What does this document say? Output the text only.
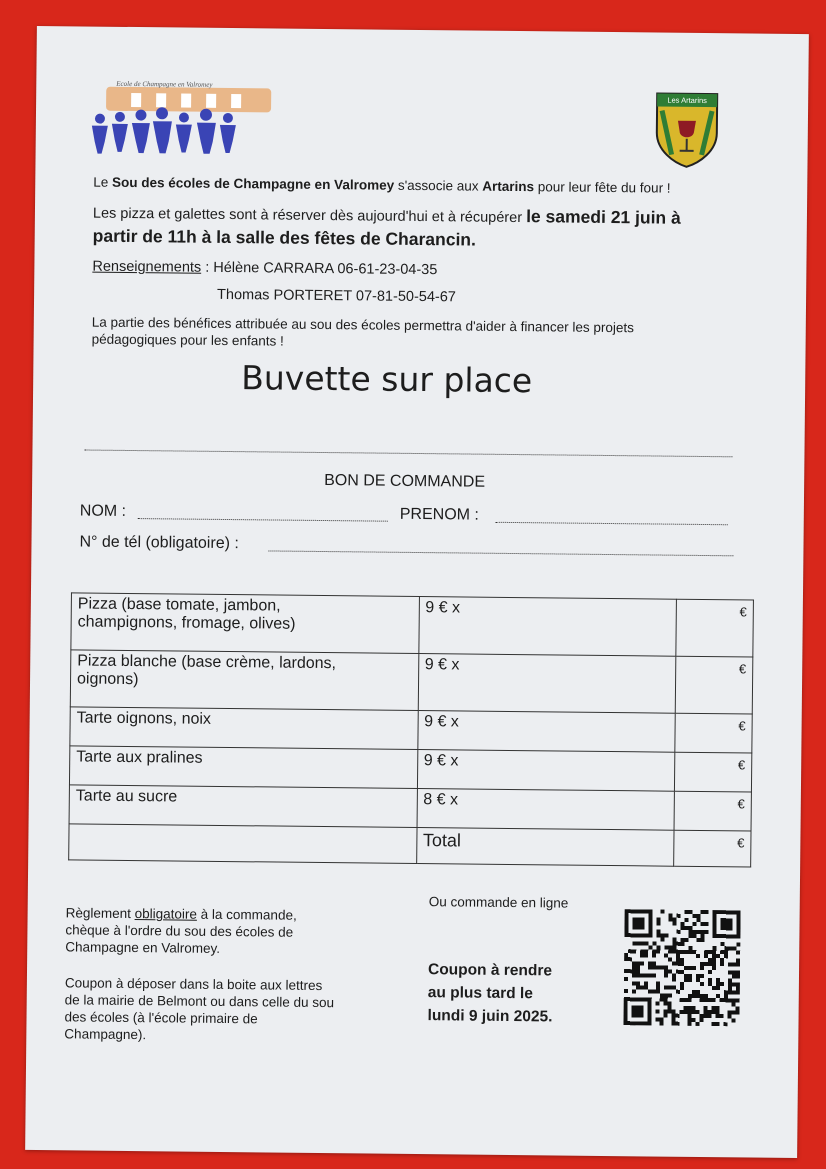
Ecole de Champagne en Valromey
Les Artarins
Le Sou des écoles de Champagne en Valromey s'associe aux Artarins pour leur fête du four !
Les pizza et galettes sont à réserver dès aujourd'hui et à récupérer le samedi 21 juin à
partir de 11h à la salle des fêtes de Charancin.
Renseignements : Hélène CARRARA 06-61-23-04-35
Thomas PORTERET 07-81-50-54-67
La partie des bénéfices attribuée au sou des écoles permettra d'aider à financer les projets
pédagogiques pour les enfants !
Buvette sur place
BON DE COMMANDE
NOM :	PRENOM :
N° de tél (obligatoire) :
Pizza (base tomate, jambon,
champignons, fromage, olives)	9 € x	€
Pizza blanche (base crème, lardons,
oignons)	9 € x	€
Tarte oignons, noix	9 € x	€
Tarte aux pralines	9 € x	€
Tarte au sucre	8 € x	€
	Total	€
Règlement obligatoire à la commande,
chèque à l'ordre du sou des écoles de
Champagne en Valromey.
Coupon à déposer dans la boite aux lettres
de la mairie de Belmont ou dans celle du sou
des écoles (à l'école primaire de
Champagne).
Ou commande en ligne
Coupon à rendre
au plus tard le
lundi 9 juin 2025.
